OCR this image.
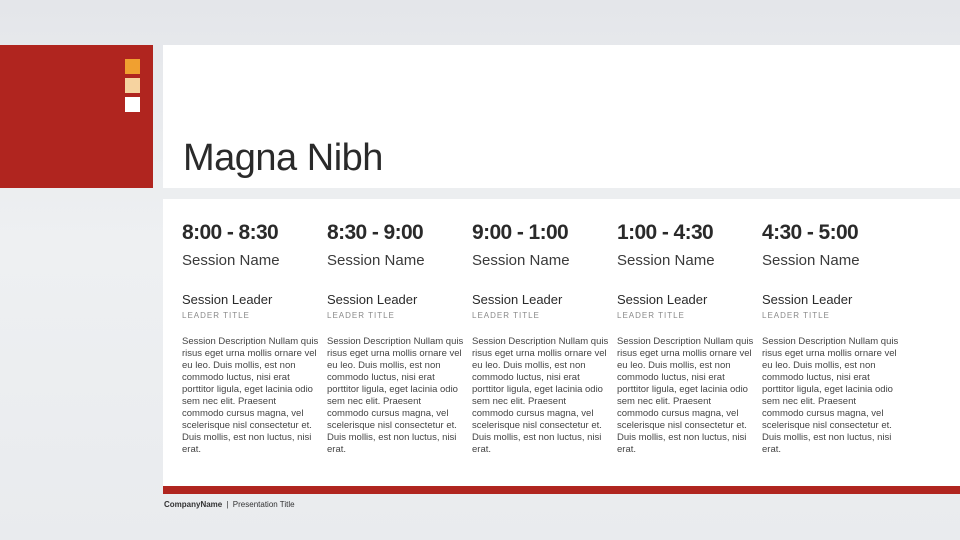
Magna Nibh
8:00 - 8:30
Session Name
Session Leader
LEADER TITLE
Session Description Nullam quis risus eget urna mollis ornare vel eu leo. Duis mollis, est non commodo luctus, nisi erat porttitor ligula, eget lacinia odio sem nec elit. Praesent commodo cursus magna, vel scelerisque nisl consectetur et. Duis mollis, est non luctus, nisi erat.
8:30 - 9:00
Session Name
Session Leader
LEADER TITLE
Session Description Nullam quis risus eget urna mollis ornare vel eu leo. Duis mollis, est non commodo luctus, nisi erat porttitor ligula, eget lacinia odio sem nec elit. Praesent commodo cursus magna, vel scelerisque nisl consectetur et. Duis mollis, est non luctus, nisi erat.
9:00 - 1:00
Session Name
Session Leader
LEADER TITLE
Session Description Nullam quis risus eget urna mollis ornare vel eu leo. Duis mollis, est non commodo luctus, nisi erat porttitor ligula, eget lacinia odio sem nec elit. Praesent commodo cursus magna, vel scelerisque nisl consectetur et. Duis mollis, est non luctus, nisi erat.
1:00 - 4:30
Session Name
Session Leader
LEADER TITLE
Session Description Nullam quis risus eget urna mollis ornare vel eu leo. Duis mollis, est non commodo luctus, nisi erat porttitor ligula, eget lacinia odio sem nec elit. Praesent commodo cursus magna, vel scelerisque nisl consectetur et. Duis mollis, est non luctus, nisi erat.
4:30 - 5:00
Session Name
Session Leader
LEADER TITLE
Session Description Nullam quis risus eget urna mollis ornare vel eu leo. Duis mollis, est non commodo luctus, nisi erat porttitor ligula, eget lacinia odio sem nec elit. Praesent commodo cursus magna, vel scelerisque nisl consectetur et. Duis mollis, est non luctus, nisi erat.
CompanyName | Presentation Title
